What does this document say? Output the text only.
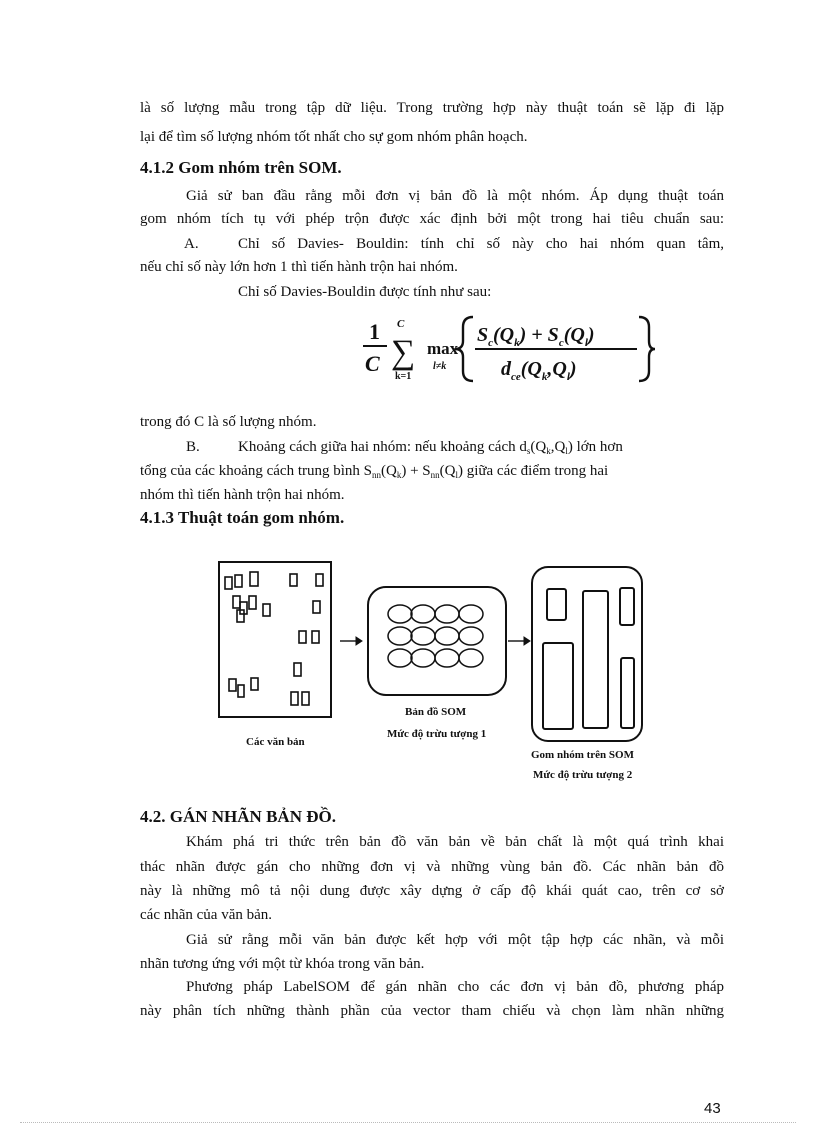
là số lượng mẫu trong tập dữ liệu. Trong trường hợp này thuật toán sẽ lặp đi lặp
lại để tìm số lượng nhóm tốt nhất cho sự gom nhóm phân hoạch.
4.1.2 Gom nhóm trên SOM.
Giả sử ban đầu rằng mỗi đơn vị bản đồ là một nhóm. Áp dụng thuật toán
gom nhóm tích tụ với phép trộn được xác định bởi một trong hai tiêu chuẩn sau:
A.	Chỉ số Davies- Bouldin: tính chỉ số này cho hai nhóm quan tâm,
nếu chỉ số này lớn hơn 1 thì tiến hành trộn hai nhóm.
Chỉ số Davies-Bouldin được tính như sau:
1
C ∑
C
k=1
max
l≠k
$S_c(Q_k) + S_c(Q_l)$
$d_{ce}(Q_k,Q_l)$
trong đó C là số lượng nhóm.
B.	Khoảng cách giữa hai nhóm: nếu khoảng cách $d_s(Q_k,Q_l)$ lớn hơn
tổng của các khoảng cách trung bình $S_{nn}(Q_k) + S_{nn}(Q_l)$ giữa các điểm trong hai
nhóm thì tiến hành trộn hai nhóm.
4.1.3 Thuật toán gom nhóm.
Các văn bản
Bản đồ SOM
Mức độ trừu tượng 1
Gom nhóm trên SOM
Mức độ trừu tượng 2
4.2. GÁN NHÃN BẢN ĐỒ.
Khám phá tri thức trên bản đồ văn bản về bản chất là một quá trình khai
thác nhãn được gán cho những đơn vị và những vùng bản đồ. Các nhãn bản đồ
này là những mô tả nội dung được xây dựng ở cấp độ khái quát cao, trên cơ sở
các nhãn của văn bản.
Giả sử rằng mỗi văn bản được kết hợp với một tập hợp các nhãn, và mỗi
nhãn tương ứng với một từ khóa trong văn bản.
Phương pháp LabelSOM để gán nhãn cho các đơn vị bản đồ, phương pháp
này phân tích những thành phần của vector tham chiếu và chọn làm nhãn những
43
